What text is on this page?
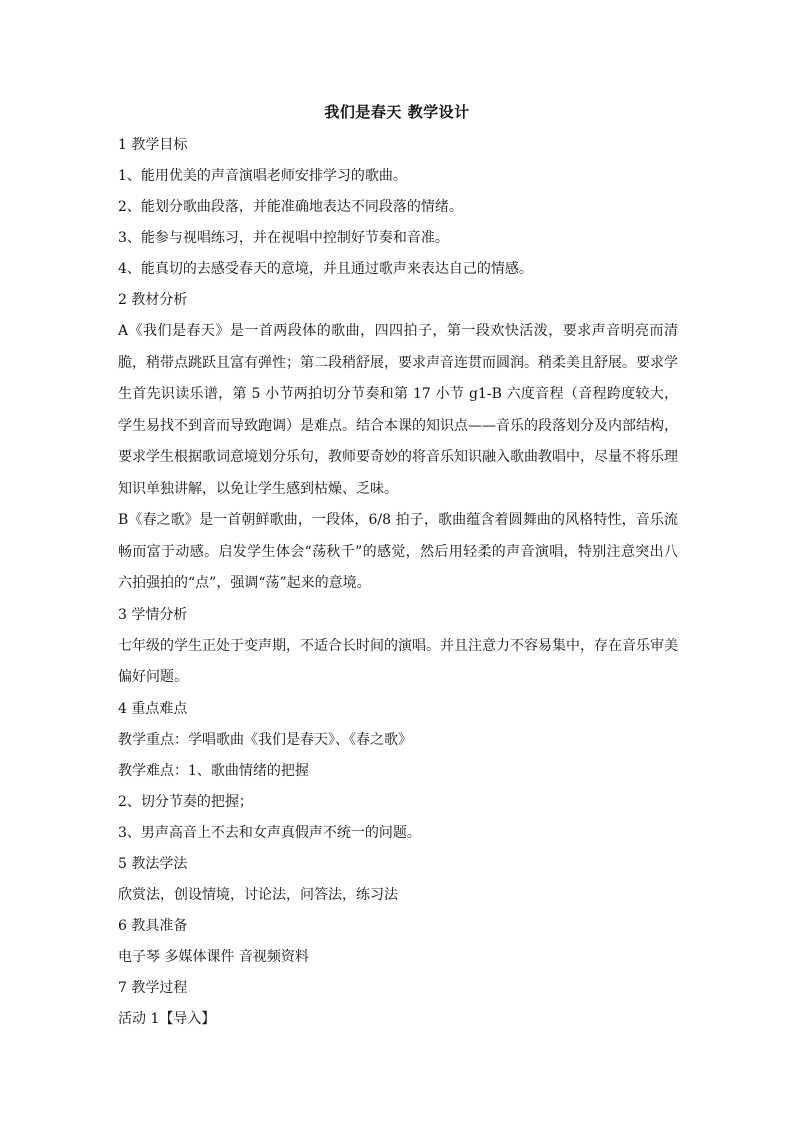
我们是春天 教学设计
1 教学目标
1、能用优美的声音演唱老师安排学习的歌曲。
2、能划分歌曲段落，并能准确地表达不同段落的情绪。
3、能参与视唱练习，并在视唱中控制好节奏和音准。
4、能真切的去感受春天的意境，并且通过歌声来表达自己的情感。
2 教材分析
A《我们是春天》是一首两段体的歌曲，四四拍子，第一段欢快活泼，要求声音明亮而清脆，稍带点跳跃且富有弹性；第二段稍舒展，要求声音连贯而圆润。稍柔美且舒展。要求学生首先识读乐谱，第 5 小节两拍切分节奏和第 17 小节 g1-B 六度音程（音程跨度较大，学生易找不到音而导致跑调）是难点。结合本课的知识点——音乐的段落划分及内部结构，要求学生根据歌词意境划分乐句，教师要奇妙的将音乐知识融入歌曲教唱中，尽量不将乐理知识单独讲解，以免让学生感到枯燥、乏味。
B《春之歌》是一首朝鲜歌曲，一段体，6/8 拍子，歌曲蕴含着圆舞曲的风格特性，音乐流畅而富于动感。启发学生体会“荡秋千”的感觉，然后用轻柔的声音演唱，特别注意突出八六拍强拍的“点”，强调“荡”起来的意境。
3 学情分析
七年级的学生正处于变声期，不适合长时间的演唱。并且注意力不容易集中，存在音乐审美偏好问题。
4 重点难点
教学重点：学唱歌曲《我们是春天》、《春之歌》
教学难点：1、歌曲情绪的把握
2、切分节奏的把握；
3、男声高音上不去和女声真假声不统一的问题。
5 教法学法
欣赏法，创设情境，讨论法，问答法，练习法
6 教具准备
电子琴 多媒体课件 音视频资料
7 教学过程
活动 1【导入】
